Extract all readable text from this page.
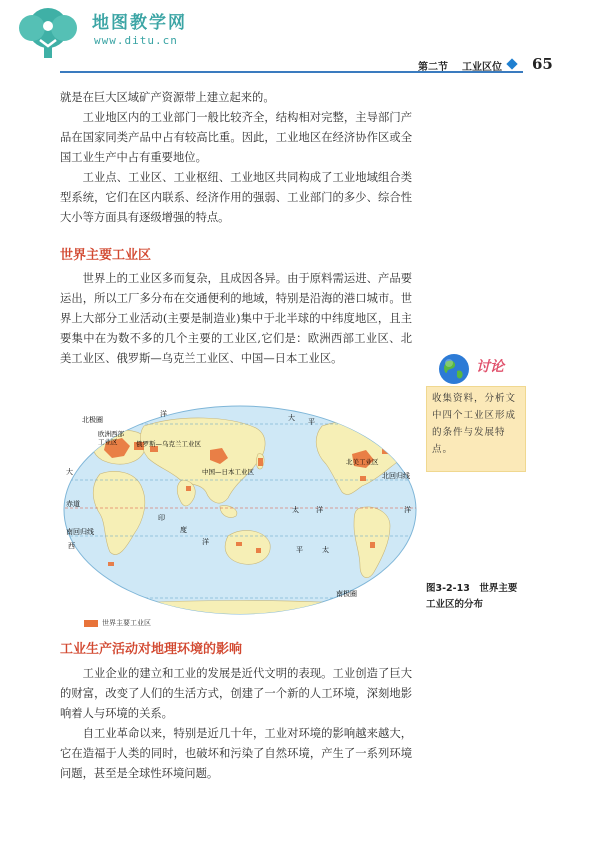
地图教学网
www.ditu.cn
第二节 工业区位 65
就是在巨大区域矿产资源带上建立起来的。
工业地区内的工业部门一般比较齐全，结构相对完整，主导部门产品在国家同类产品中占有较高比重。因此，工业地区在经济协作区或全国工业生产中占有重要地位。
工业点、工业区、工业枢纽、工业地区共同构成了工业地域组合类型系统，它们在区内联系、经济作用的强弱、工业部门的多少、综合性大小等方面具有逐级增强的特点。
世界主要工业区
世界上的工业区多而复杂，且成因各异。由于原料需运进、产品要运出，所以工厂多分布在交通便利的地域，特别是沿海的港口城市。世界上大部分工业活动(主要是制造业)集中于北半球的中纬度地区，且主要集中在为数不多的几个主要的工业区,它们是：欧洲西部工业区、北美工业区、俄罗斯—乌克兰工业区、中国—日本工业区。
讨论
收集资料，分析文中四个工业区形成的条件与发展特点。
欧洲西部
工业区	俄罗斯—乌克兰工业区
中国—日本工业区
北美工业区
赤道
北回归线
南回归线
北极圈
南极圈
洋
大
西
洋
印
度
洋
大 平
太 洋
平	太
世界主要工业区
图3-2-13　世界主要
工业区的分布
工业生产活动对地理环境的影响
工业企业的建立和工业的发展是近代文明的表现。工业创造了巨大的财富，改变了人们的生活方式，创建了一个新的人工环境，深刻地影响着人与环境的关系。
自工业革命以来，特别是近几十年，工业对环境的影响越来越大，它在造福于人类的同时，也破坏和污染了自然环境，产生了一系列环境问题，甚至是全球性环境问题。
